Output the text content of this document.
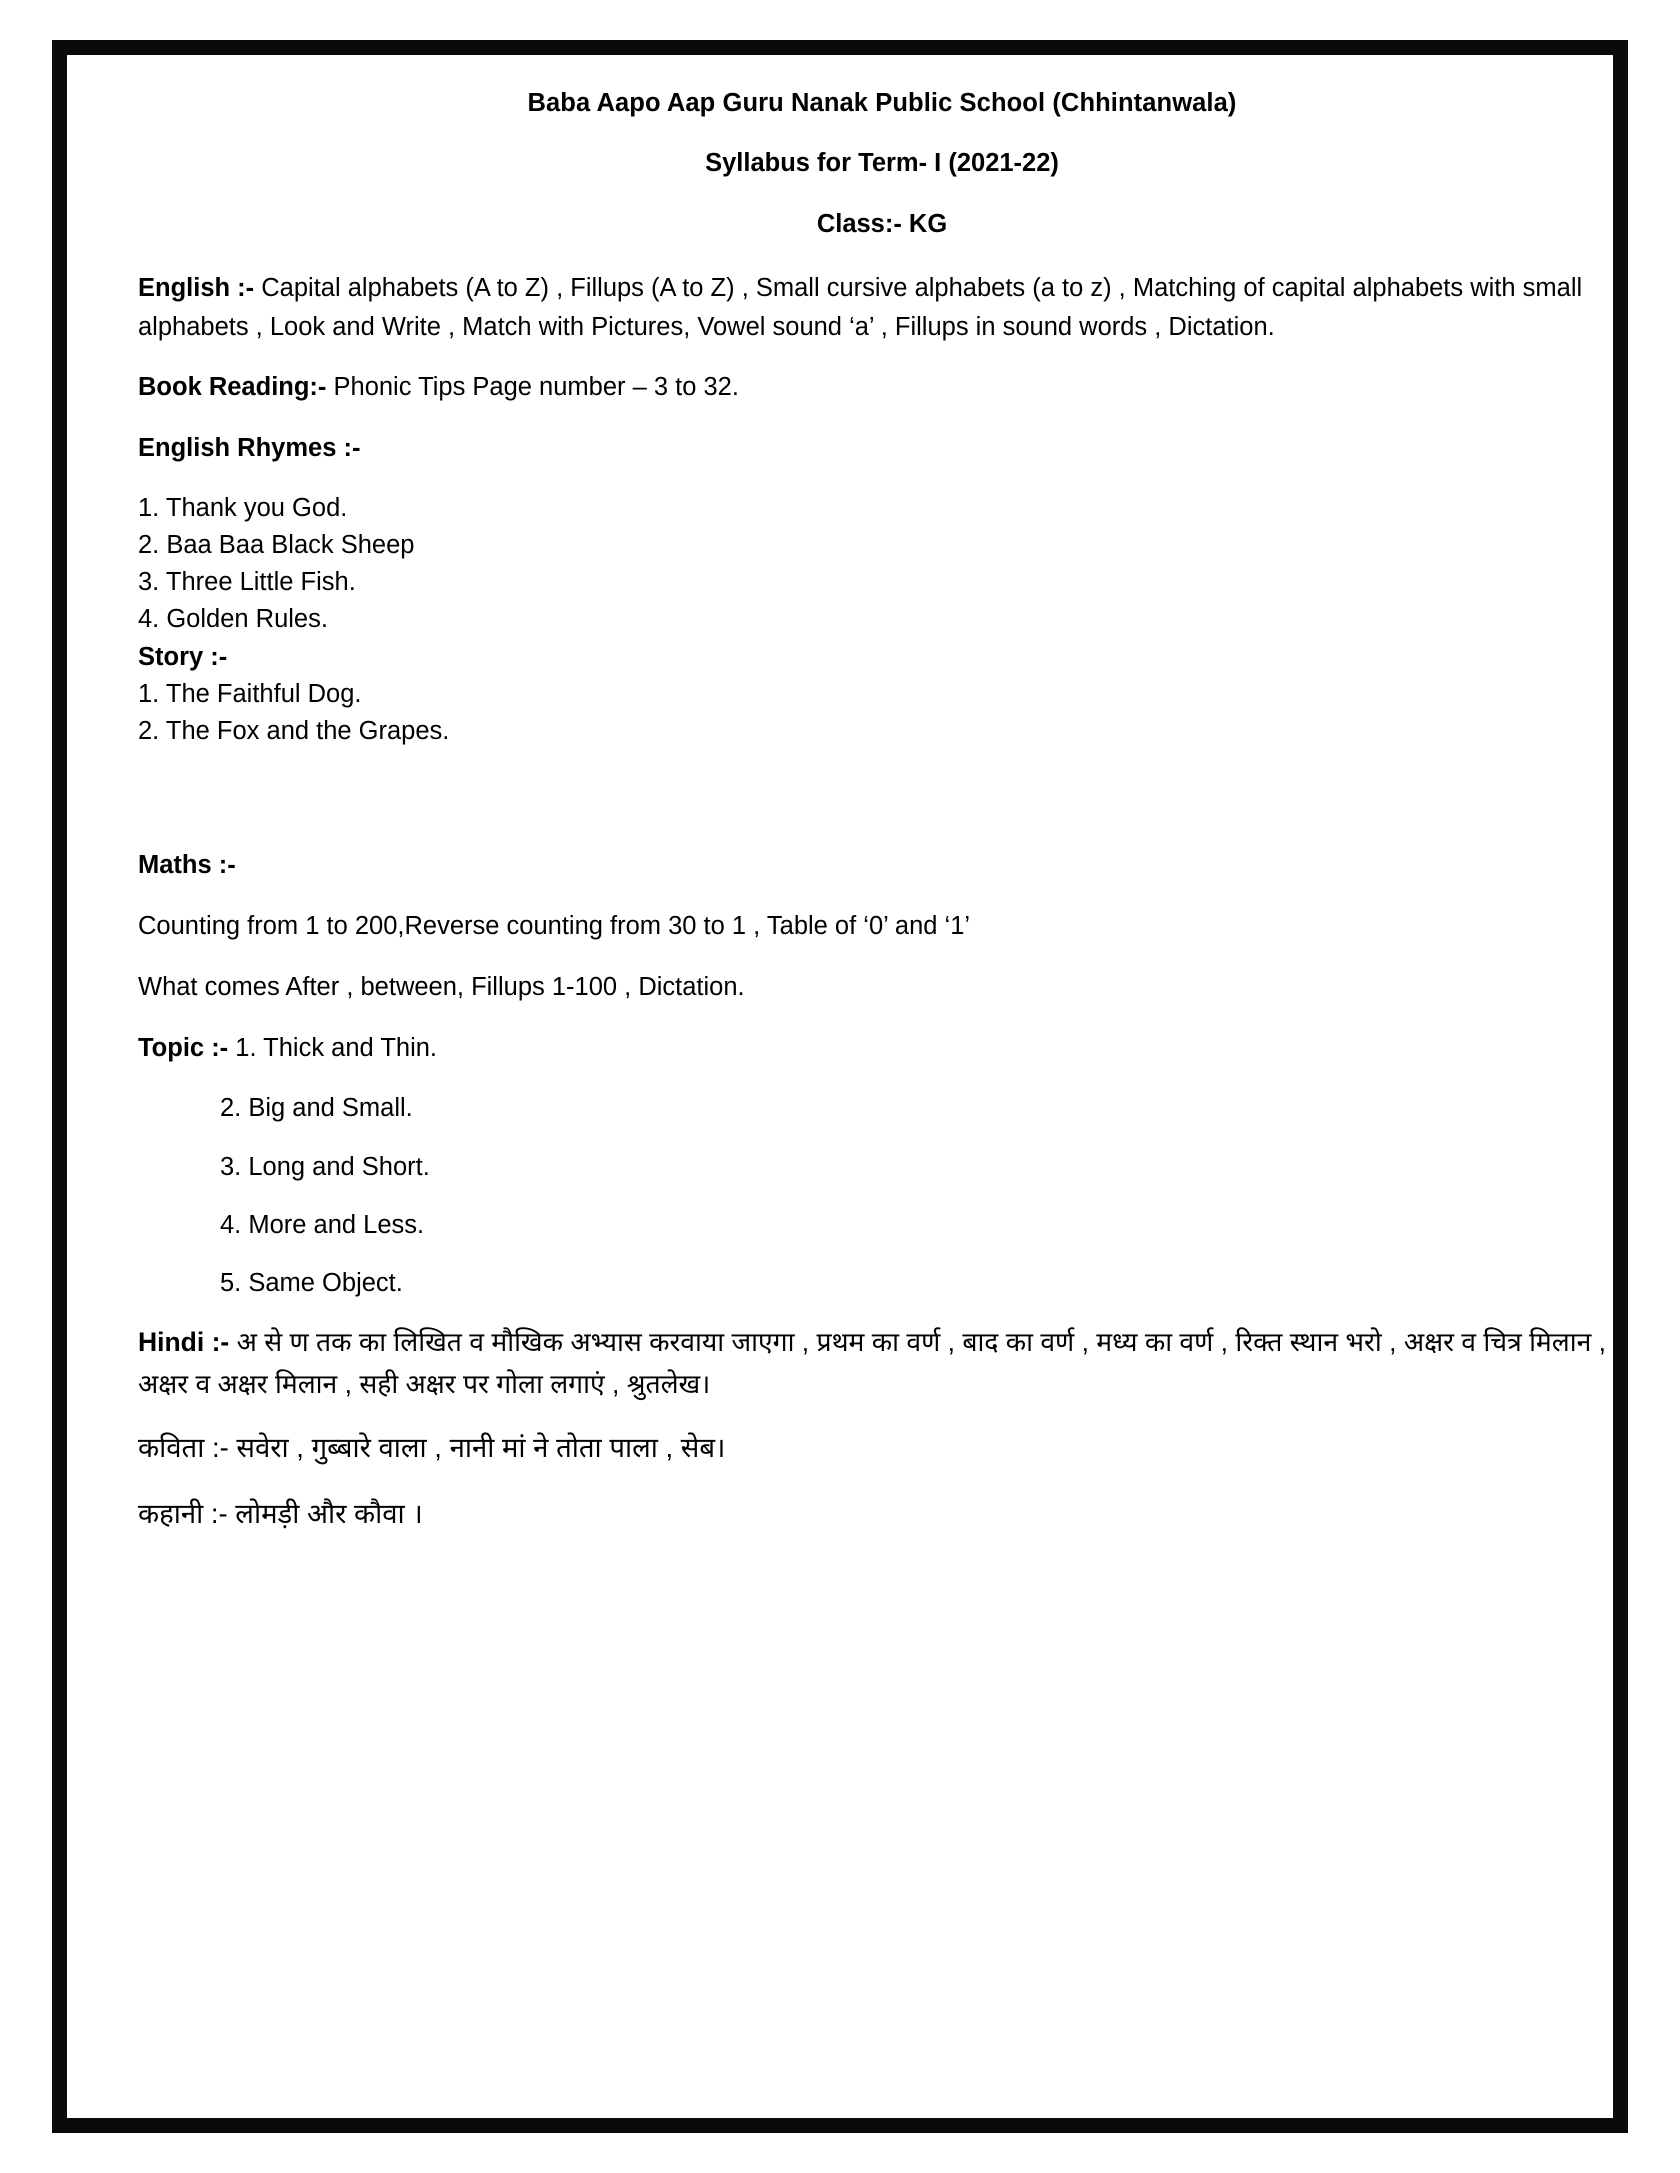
Baba Aapo Aap Guru Nanak Public School (Chhintanwala)
Syllabus for Term- I (2021-22)
Class:- KG

English :- Capital alphabets (A to Z) , Fillups (A to Z) , Small cursive alphabets (a to z) , Matching of capital alphabets with small alphabets , Look and Write , Match with Pictures, Vowel sound ‘a’ , Fillups in sound words , Dictation.

Book Reading:- Phonic Tips Page number – 3 to 32.

English Rhymes :-

1. Thank you God.
2. Baa Baa Black Sheep
3. Three Little Fish.
4. Golden Rules.
Story :-
1. The Faithful Dog.
2. The Fox and the Grapes.

Maths :-

Counting from 1 to 200,Reverse counting from 30 to 1 , Table of ‘0’ and ‘1’

What comes After , between, Fillups 1-100 , Dictation.

Topic :- 1. Thick and Thin.

2. Big and Small.

3. Long and Short.

4. More and Less.

5. Same Object.

Hindi :- अ से ण तक का लिखित व मौखिक अभ्यास करवाया जाएगा , प्रथम का वर्ण , बाद का वर्ण , मध्य का वर्ण , रिक्त स्थान भरो , अक्षर व चित्र मिलान , अक्षर व अक्षर मिलान , सही अक्षर पर गोला लगाएं , श्रुतलेख।

कविता :- सवेरा , गुब्बारे वाला , नानी मां ने तोता पाला , सेब।

कहानी :- लोमड़ी और कौवा ।
